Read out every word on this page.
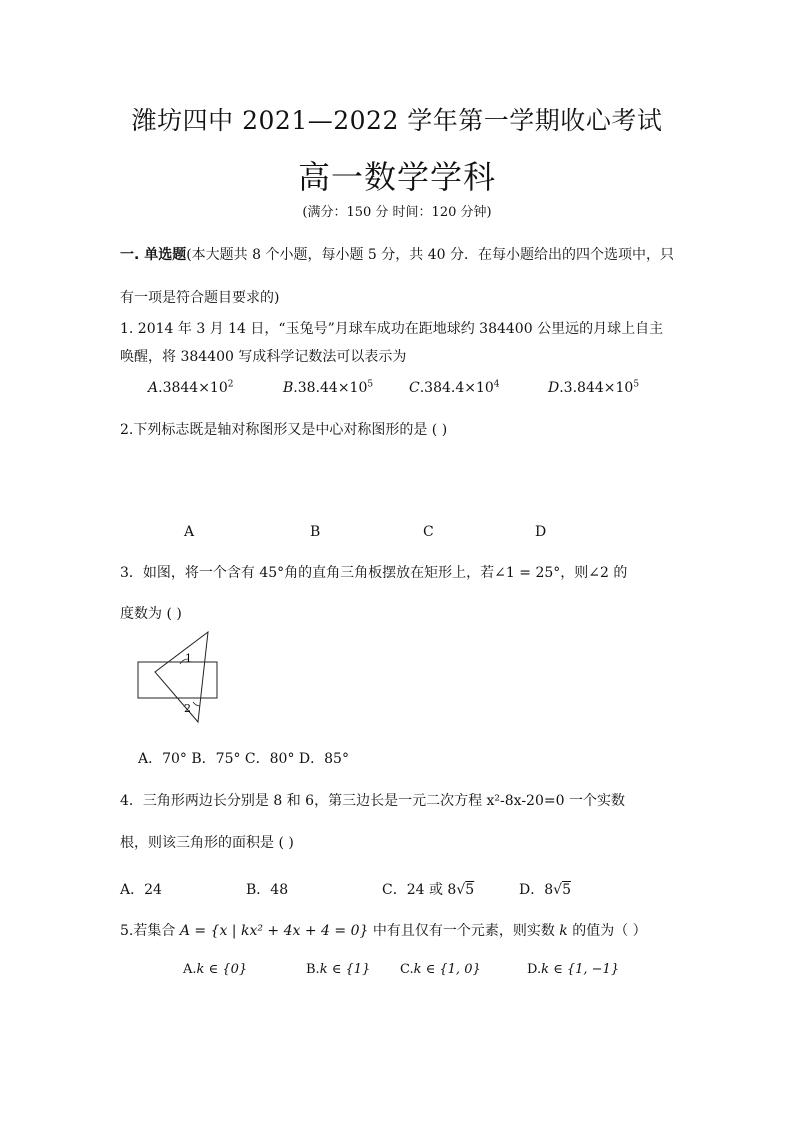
潍坊四中 2021—2022 学年第一学期收心考试
高一数学学科
(满分：150 分 时间：120 分钟)
一. 单选题(本大题共 8 个小题，每小题 5 分，共 40 分．在每小题给出的四个选项中，只
有一项是符合题目要求的)
1. 2014 年 3 月 14 日，“玉兔号”月球车成功在距地球约 384400 公里远的月球上自主
唤醒，将 384400 写成科学记数法可以表示为
$A.3844\times 10^2$	$B.38.44\times 10^5$	$C.384.4\times 10^4$	$D.3.844\times 10^5$
2.下列标志既是轴对称图形又是中心对称图形的是 ( )
A	B	C	D
3．如图，将一个含有 45°角的直角三角板摆放在矩形上，若∠1 = 25°，则∠2 的
度数为 ( )
1
2
A．70° B．75° C．80° D．85°
4．三角形两边长分别是 8 和 6，第三边长是一元二次方程 x²-8x-20=0 一个实数
根，则该三角形的面积是 ( )
A．24	B．48	C．24 或 8√5	D．8√5
5.若集合 A = {x | kx² + 4x + 4 = 0} 中有且仅有一个元素，则实数 k 的值为（ ）
A.k ∈ {0}	B.k ∈ {1} C.k ∈ {1, 0}	D.k ∈ {1, −1}
